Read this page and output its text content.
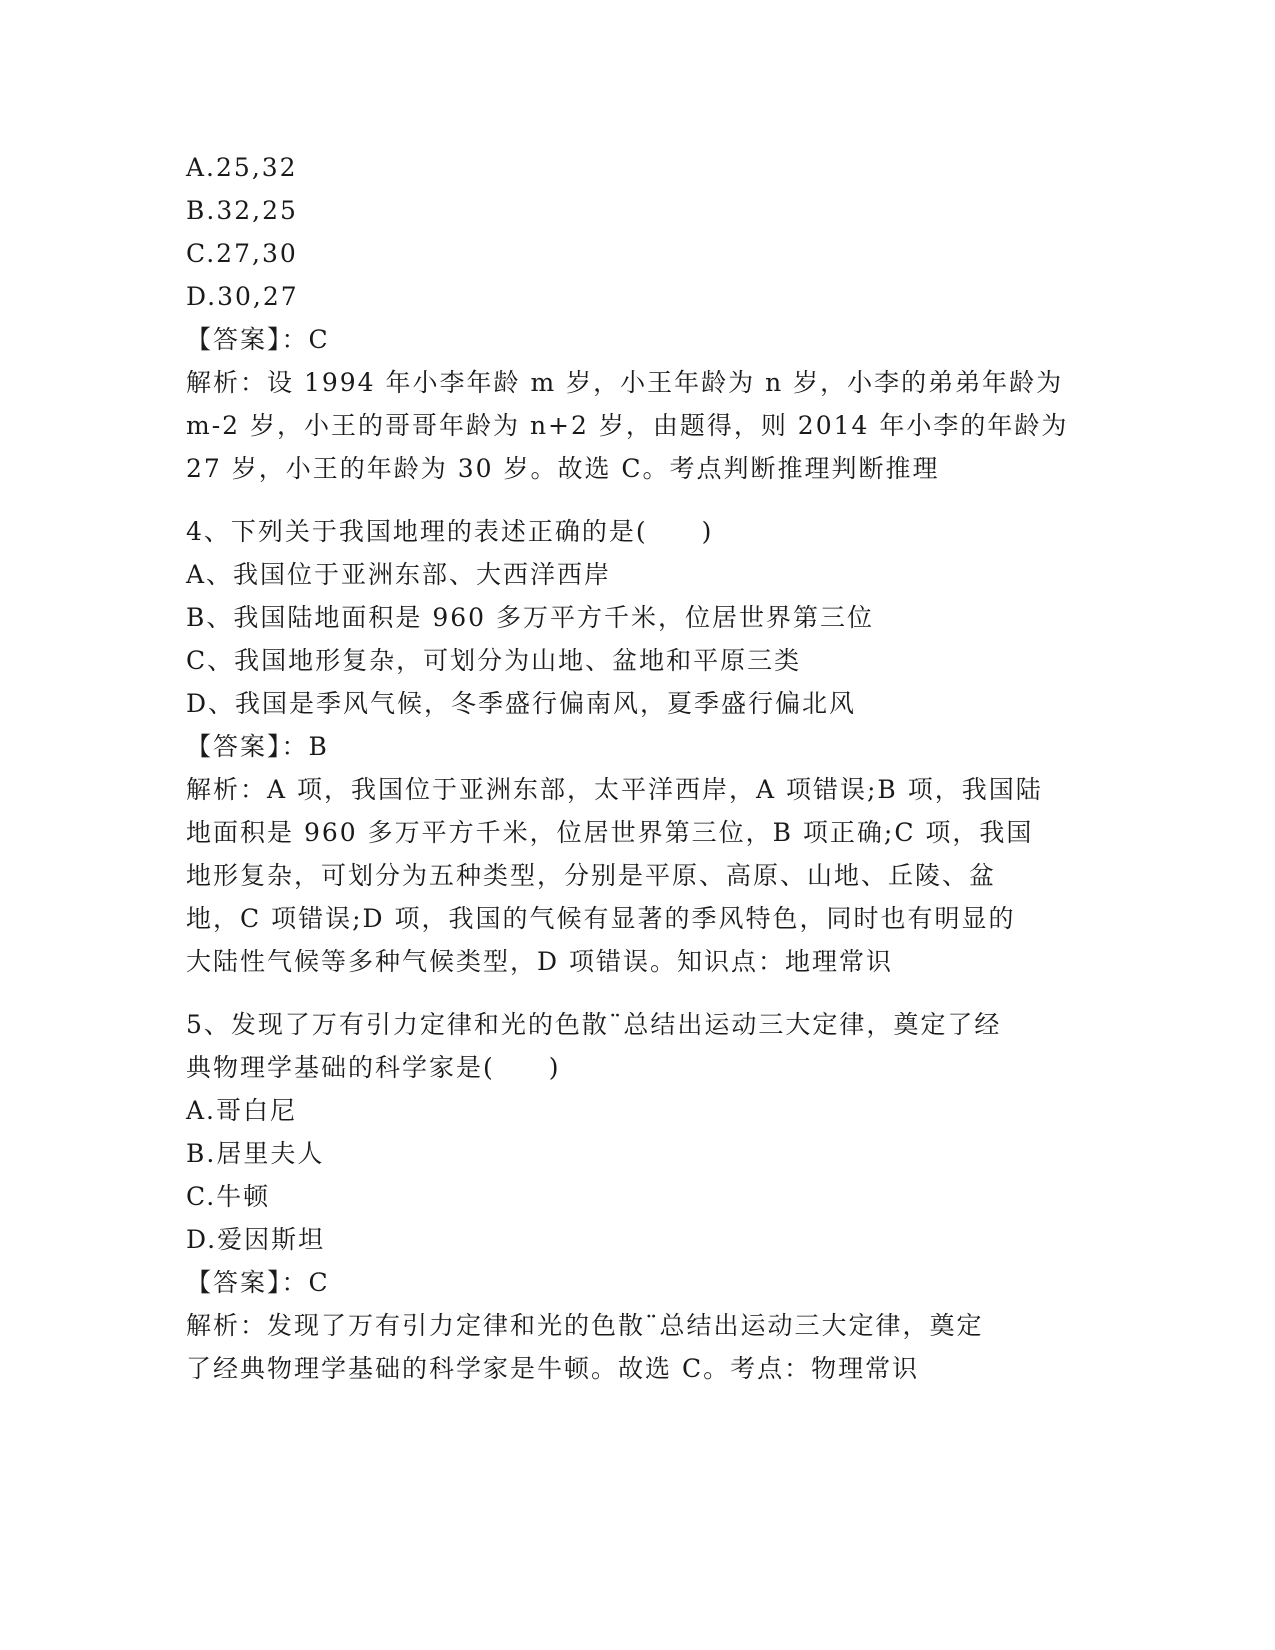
A.25,32
B.32,25
C.27,30
D.30,27
【答案】：C
解析：设 1994 年小李年龄 m 岁，小王年龄为 n 岁，小李的弟弟年龄为
m-2 岁，小王的哥哥年龄为 n+2 岁，由题得，则 2014 年小李的年龄为
27 岁，小王的年龄为 30 岁。故选 C。考点判断推理判断推理
4、下列关于我国地理的表述正确的是(　　)
A、我国位于亚洲东部、大西洋西岸
B、我国陆地面积是 960 多万平方千米，位居世界第三位
C、我国地形复杂，可划分为山地、盆地和平原三类
D、我国是季风气候，冬季盛行偏南风，夏季盛行偏北风
【答案】：B
解析：A 项，我国位于亚洲东部，太平洋西岸，A 项错误;B 项，我国陆
地面积是 960 多万平方千米，位居世界第三位，B 项正确;C 项，我国
地形复杂，可划分为五种类型，分别是平原、高原、山地、丘陵、盆
地，C 项错误;D 项，我国的气候有显著的季风特色，同时也有明显的
大陆性气候等多种气候类型，D 项错误。知识点：地理常识
5、发现了万有引力定律和光的色散¨总结出运动三大定律，奠定了经
典物理学基础的科学家是(　　)
A.哥白尼
B.居里夫人
C.牛顿
D.爱因斯坦
【答案】：C
解析：发现了万有引力定律和光的色散¨总结出运动三大定律，奠定
了经典物理学基础的科学家是牛顿。故选 C。考点：物理常识
